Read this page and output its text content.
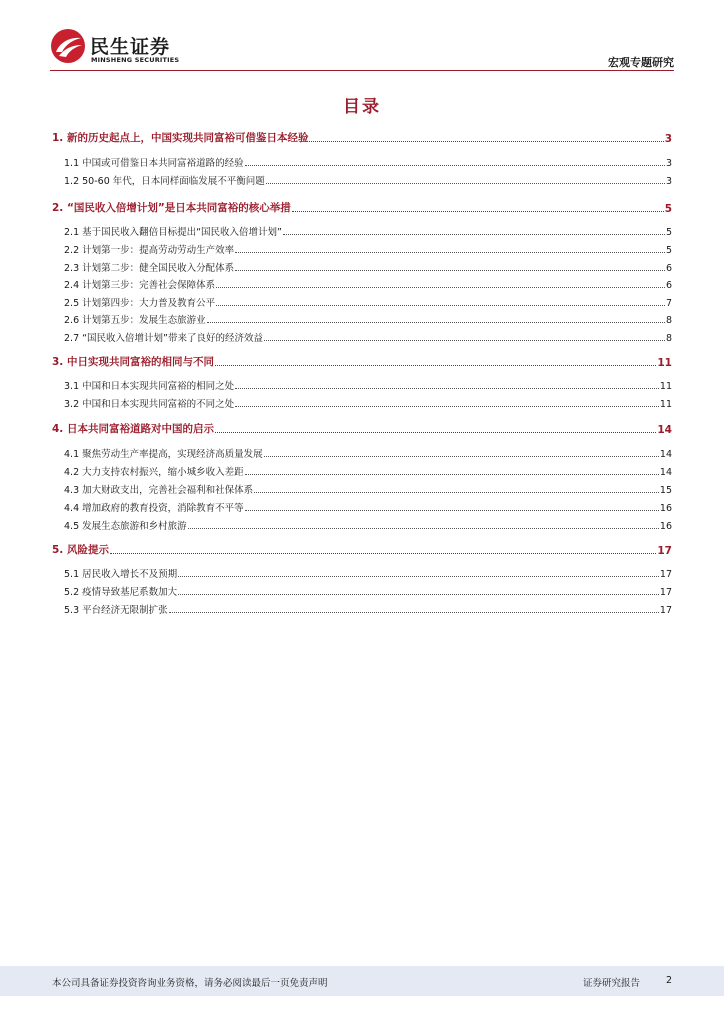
民生证券
MINSHENG SECURITIES	宏观专题研究
目录
1. 新的历史起点上，中国实现共同富裕可借鉴日本经验	3
1.1 中国或可借鉴日本共同富裕道路的经验	3
1.2 50-60 年代，日本同样面临发展不平衡问题	3
2. “国民收入倍增计划”是日本共同富裕的核心举措	5
2.1 基于国民收入翻倍目标提出“国民收入倍增计划”	5
2.2 计划第一步：提高劳动劳动生产效率	5
2.3 计划第二步：健全国民收入分配体系	6
2.4 计划第三步：完善社会保障体系	6
2.5 计划第四步：大力普及教育公平	7
2.6 计划第五步：发展生态旅游业	8
2.7 “国民收入倍增计划”带来了良好的经济效益	8
3. 中日实现共同富裕的相同与不同	11
3.1 中国和日本实现共同富裕的相同之处	11
3.2 中国和日本实现共同富裕的不同之处	11
4. 日本共同富裕道路对中国的启示	14
4.1 聚焦劳动生产率提高，实现经济高质量发展	14
4.2 大力支持农村振兴，缩小城乡收入差距	14
4.3 加大财政支出，完善社会福利和社保体系	15
4.4 增加政府的教育投资，消除教育不平等	16
4.5 发展生态旅游和乡村旅游	16
5. 风险提示	17
5.1 居民收入增长不及预期	17
5.2 疫情导致基尼系数加大	17
5.3 平台经济无限制扩张	17
本公司具备证券投资咨询业务资格，请务必阅读最后一页免责声明	证券研究报告	2
